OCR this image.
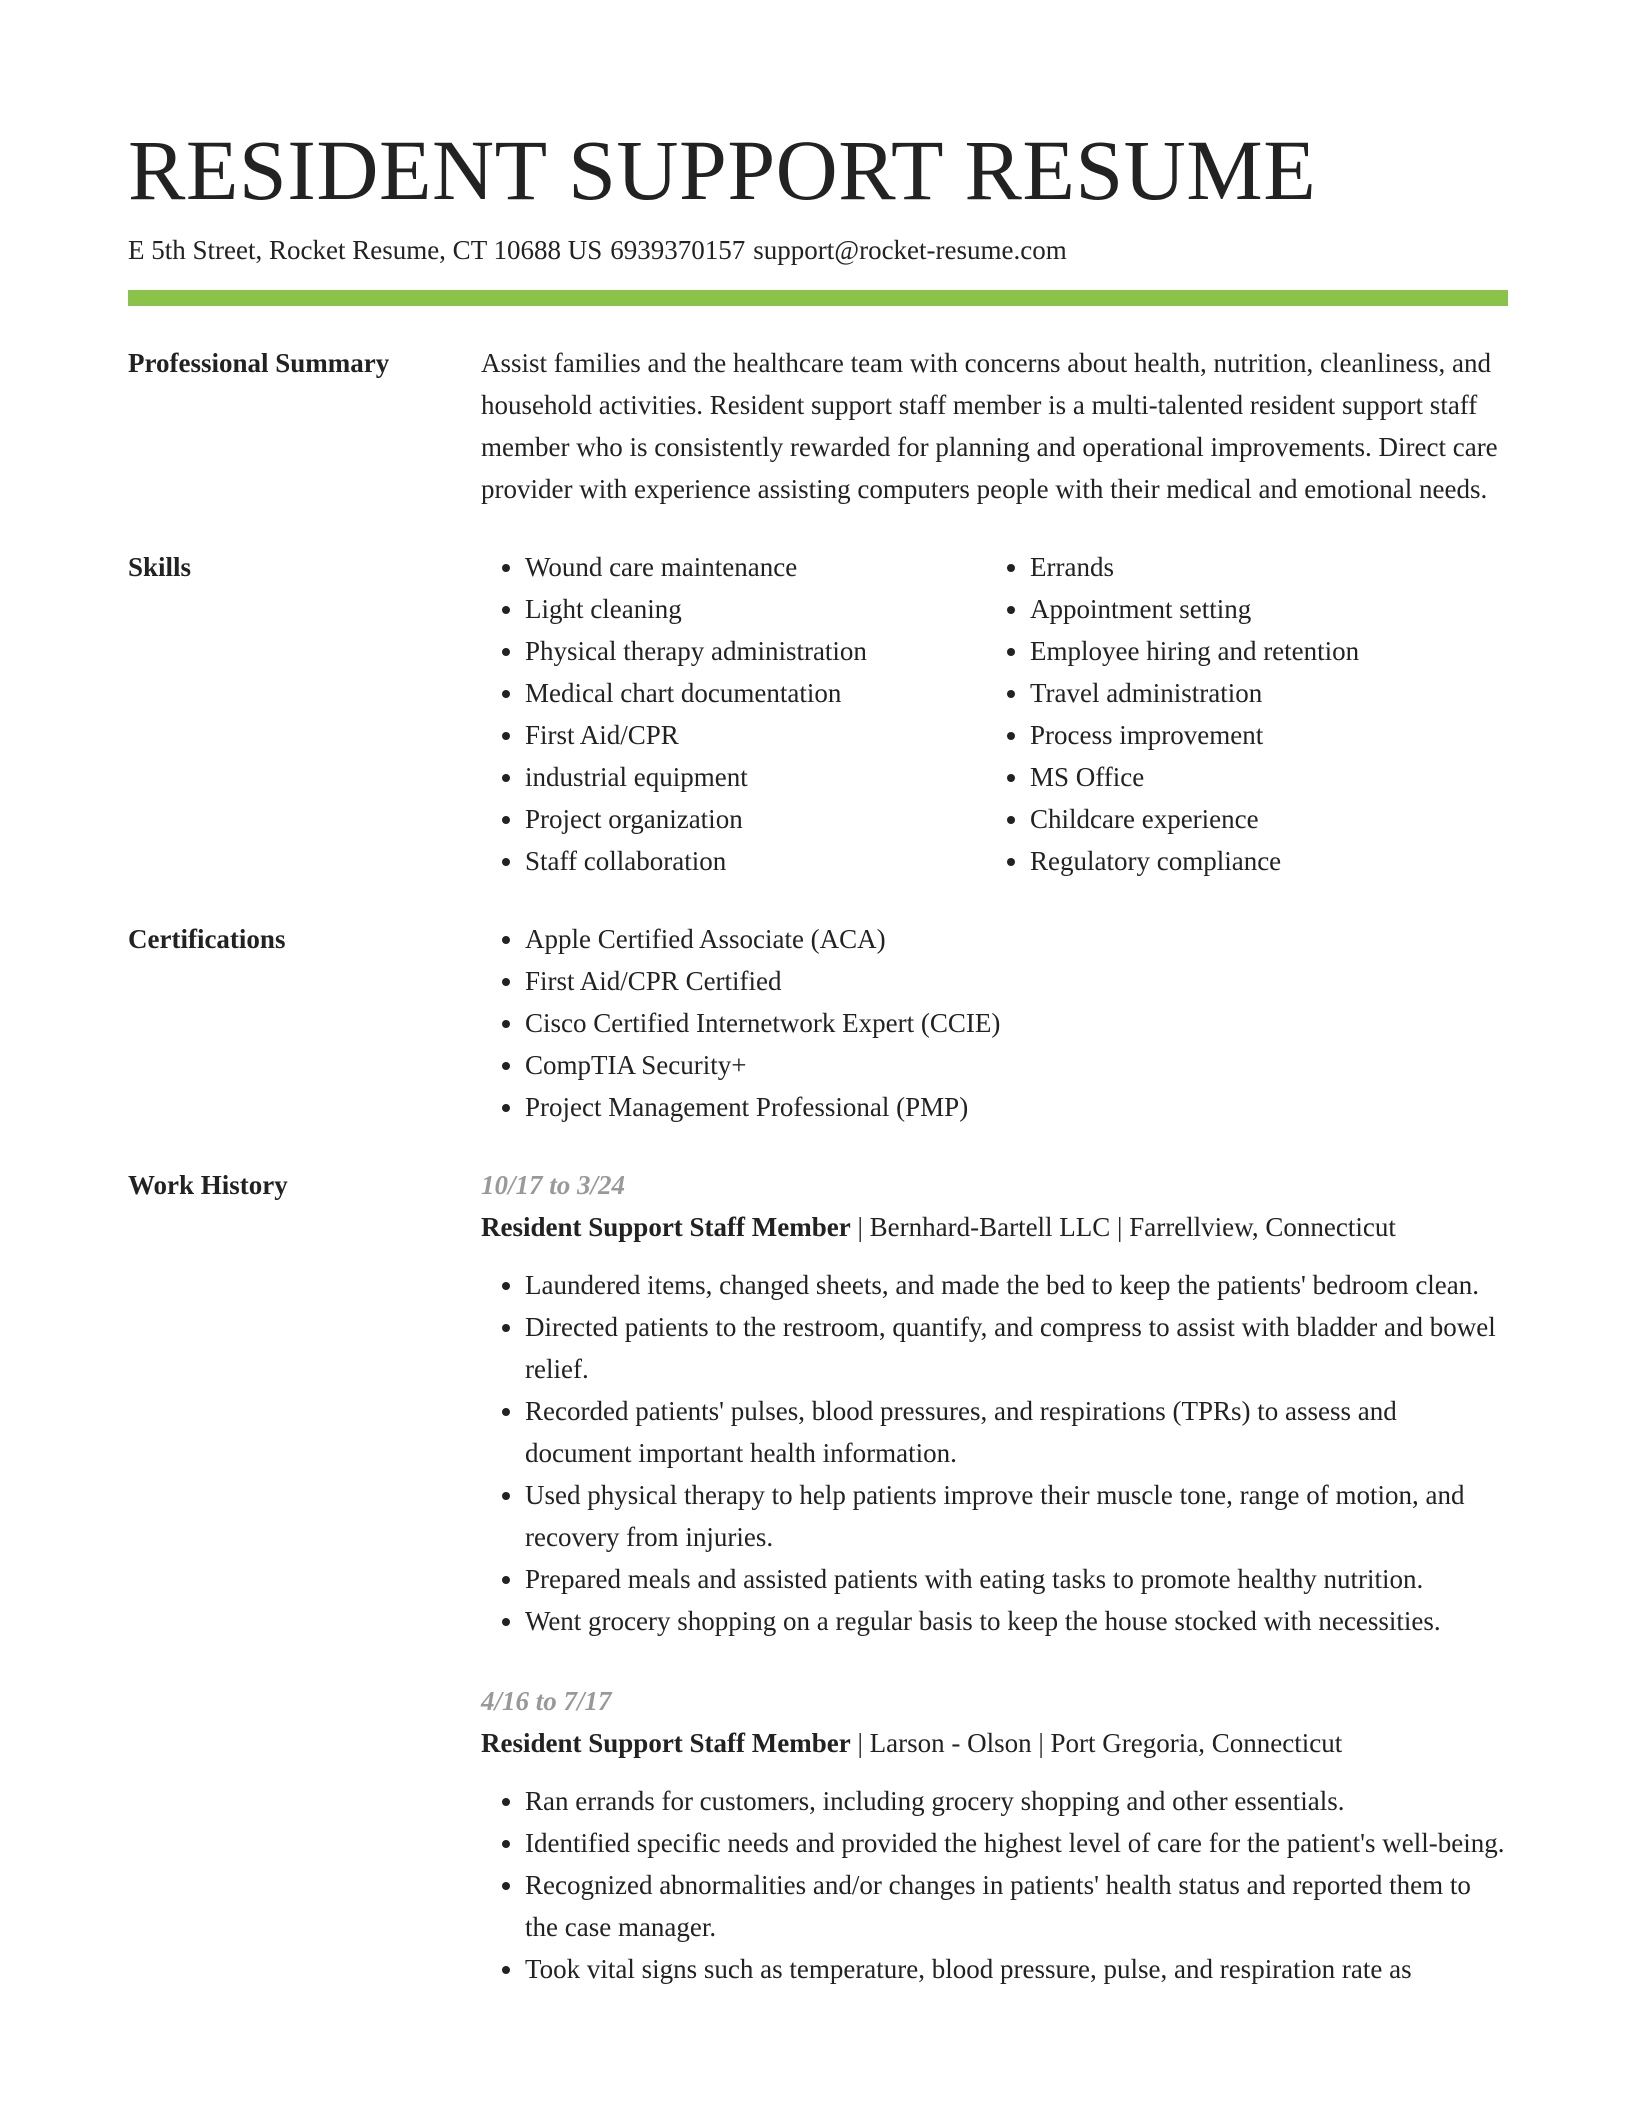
RESIDENT SUPPORT RESUME
E 5th Street, Rocket Resume, CT 10688 US 6939370157 support@rocket-resume.com
Professional Summary	Assist families and the healthcare team with concerns about health, nutrition, cleanliness, and household activities. Resident support staff member is a multi-talented resident support staff member who is consistently rewarded for planning and operational improvements. Direct care provider with experience assisting computers people with their medical and emotional needs.

Skills	• Wound care maintenance
• Light cleaning
• Physical therapy administration
• Medical chart documentation
• First Aid/CPR
• industrial equipment
• Project organization
• Staff collaboration
• Errands
• Appointment setting
• Employee hiring and retention
• Travel administration
• Process improvement
• MS Office
• Childcare experience
• Regulatory compliance
Certifications	• Apple Certified Associate (ACA)
• First Aid/CPR Certified
• Cisco Certified Internetwork Expert (CCIE)
• CompTIA Security+
• Project Management Professional (PMP)
Work History	10/17 to 3/24
Resident Support Staff Member | Bernhard-Bartell LLC | Farrellview, Connecticut
• Laundered items, changed sheets, and made the bed to keep the patients' bedroom clean.
• Directed patients to the restroom, quantify, and compress to assist with bladder and bowel relief.
• Recorded patients' pulses, blood pressures, and respirations (TPRs) to assess and document important health information.
• Used physical therapy to help patients improve their muscle tone, range of motion, and recovery from injuries.
• Prepared meals and assisted patients with eating tasks to promote healthy nutrition.
• Went grocery shopping on a regular basis to keep the house stocked with necessities.
4/16 to 7/17
Resident Support Staff Member | Larson - Olson | Port Gregoria, Connecticut
• Ran errands for customers, including grocery shopping and other essentials.
• Identified specific needs and provided the highest level of care for the patient's well-being.
• Recognized abnormalities and/or changes in patients' health status and reported them to the case manager.
• Took vital signs such as temperature, blood pressure, pulse, and respiration rate as
